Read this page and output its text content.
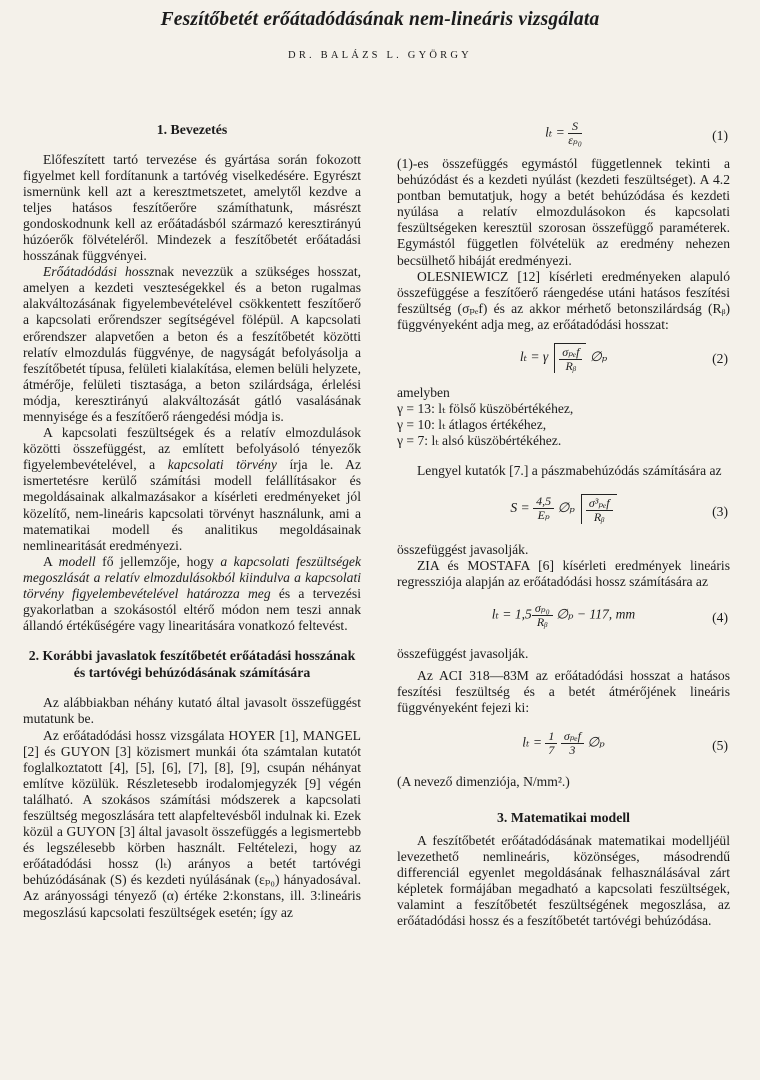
Feszítőbetét erőátadódásának nem-lineáris vizsgálata
DR. BALÁZS L. GYÖRGY
1. Bevezetés

Előfeszített tartó tervezése és gyártása során fokozott figyelmet kell fordítanunk a tartóvég viselkedésére. Egyrészt ismernünk kell azt a keresztmetszetet, amelytől kezdve a teljes hatásos feszítőerőre számíthatunk, másrészt gondoskodnunk kell az erőátadásból származó keresztirányú húzóerők fölvételéről. Mindezek a feszítőbetét erőátadási hosszának függvényei.

Erőátadódási hossznak nevezzük a szükséges hosszat, amelyen a kezdeti veszteségekkel és a beton rugalmas alakváltozásának figyelembevételével csökkentett feszítőerő a kapcsolati erőrendszer segítségével fölépül. A kapcsolati erőrendszer alapvetően a beton és a feszítőbetét közötti relatív elmozdulás függvénye, de nagyságát befolyásolja a feszítőbetét típusa, felületi kialakítása, elemen belüli helyzete, átmérője, felületi tisztasága, a beton szilárdsága, érlelési módja, keresztirányú alakváltozását gátló vasalásának mennyisége és a feszítőerő ráengedési módja is.

A kapcsolati feszültségek és a relatív elmozdulások közötti összefüggést, az említett befolyásoló tényezők figyelembevételével, a kapcsolati törvény írja le. Az ismertetésre kerülő számítási modell felállításakor és megoldásainak alkalmazásakor a kísérleti eredményeket jól közelítő, nem-lineáris kapcsolati törvényt használunk, ami a matematikai modell és analitikus megoldásainak nemlinearitását eredményezi.

A modell fő jellemzője, hogy a kapcsolati feszültségek megoszlását a relatív elmozdulásokból kiindulva a kapcsolati törvény figyelembevételével határozza meg és a tervezési gyakorlatban a szokásostól eltérő módon nem teszi annak állandó értékűségére vagy linearitására vonatkozó feltevést.

2. Korábbi javaslatok feszítőbetét erőátadási hosszának és tartóvégi behúzódásának számítására

Az alábbiakban néhány kutató által javasolt összefüggést mutatunk be.

Az erőátadódási hossz vizsgálata HOYER [1], MANGEL [2] és GUYON [3] közismert munkái óta számtalan kutatót foglalkoztatott [4], [5], [6], [7], [8], [9], csupán néhányat említve közülük. Részletesebb irodalomjegyzék [9] végén található. A szokásos számítási módszerek a kapcsolati feszültség megoszlására tett alapfeltevésből indulnak ki. Ezek közül a GUYON [3] által javasolt összefüggés a legismertebb és legszélesebb körben használt. Feltételezi, hogy az erőátadódási hossz (lₜ) arányos a betét tartóvégi behúzódásának (S) és kezdeti nyúlásának (εₚ₀) hányadosával. Az arányossági tényező (α) értéke 2:konstans, ill. 3:lineáris megoszlású kapcsolati feszültségek esetén; így az

$l_t = \frac{S}{\text{εₚ₀}}$	(1)

(1)-es összefüggés egymástól függetlennek tekinti a behúzódást és a kezdeti nyúlást (kezdeti feszültséget). A 4.2 pontban bemutatjuk, hogy a betét behúzódása és kezdeti nyúlása a relatív elmozdulásokon és kapcsolati feszültségeken keresztül szorosan összefüggő paraméterek. Egymástól független fölvételük az eredmény nehezen becsülhető hibáját eredményezi.

OLESNIEWICZ [12] kísérleti eredményeken alapuló összefüggése a feszítőerő ráengedése utáni hatásos feszítési feszültség (σₚₑf) és az akkor mérhető betonszilárdság (Rᵦ) függvényeként adja meg, az erőátadódási hosszat:

lₜ = γ $\frac{\text{σₚₑf}}{\text{Rᵦ}}$ ∅ₚ	(2)

amelyben

γ = 13: lₜ fölső küszöbértékéhez,
γ = 10: lₜ átlagos értékéhez,
γ = 7: lₜ alsó küszöbértékéhez.

Lengyel kutatók [7.] a pászmabehúzódás számítására az

$S = \frac{4,5}{\text{Eₚ}}$ ∅ₚ $\frac{\text{σ³ₚₑf}}{\text{Rᵦ}}$	(3)

összefüggést javasolják.

ZIA és MOSTAFA [6] kísérleti eredmények lineáris regressziója alapján az erőátadódási hossz számítására az

$l_t = 1,5 \frac{\text{σₚ₀}}{\text{Rᵦ}}$ ∅ₚ − 117, mm	(4)

összefüggést javasolják.

Az ACI 318—83M az erőátadódási hosszat a hatásos feszítési feszültség és a betét átmérőjének lineáris függvényeként fejezi ki:

$l_t = \frac{1}{7}$
$\frac{\text{σₚₑf}}{3}$ ∅ₚ	(5)

(A nevező dimenziója, N/mm².)

3. Matematikai modell

A feszítőbetét erőátadódásának matematikai modelljéül levezethető nemlineáris, közönséges, másodrendű differenciál egyenlet megoldásának felhasználásával zárt képletek formájában megadható a kapcsolati feszültségek, valamint a feszítőbetét feszültségének megoszlása, az erőátadódási hossz és a feszítőbetét tartóvégi behúzódása.
